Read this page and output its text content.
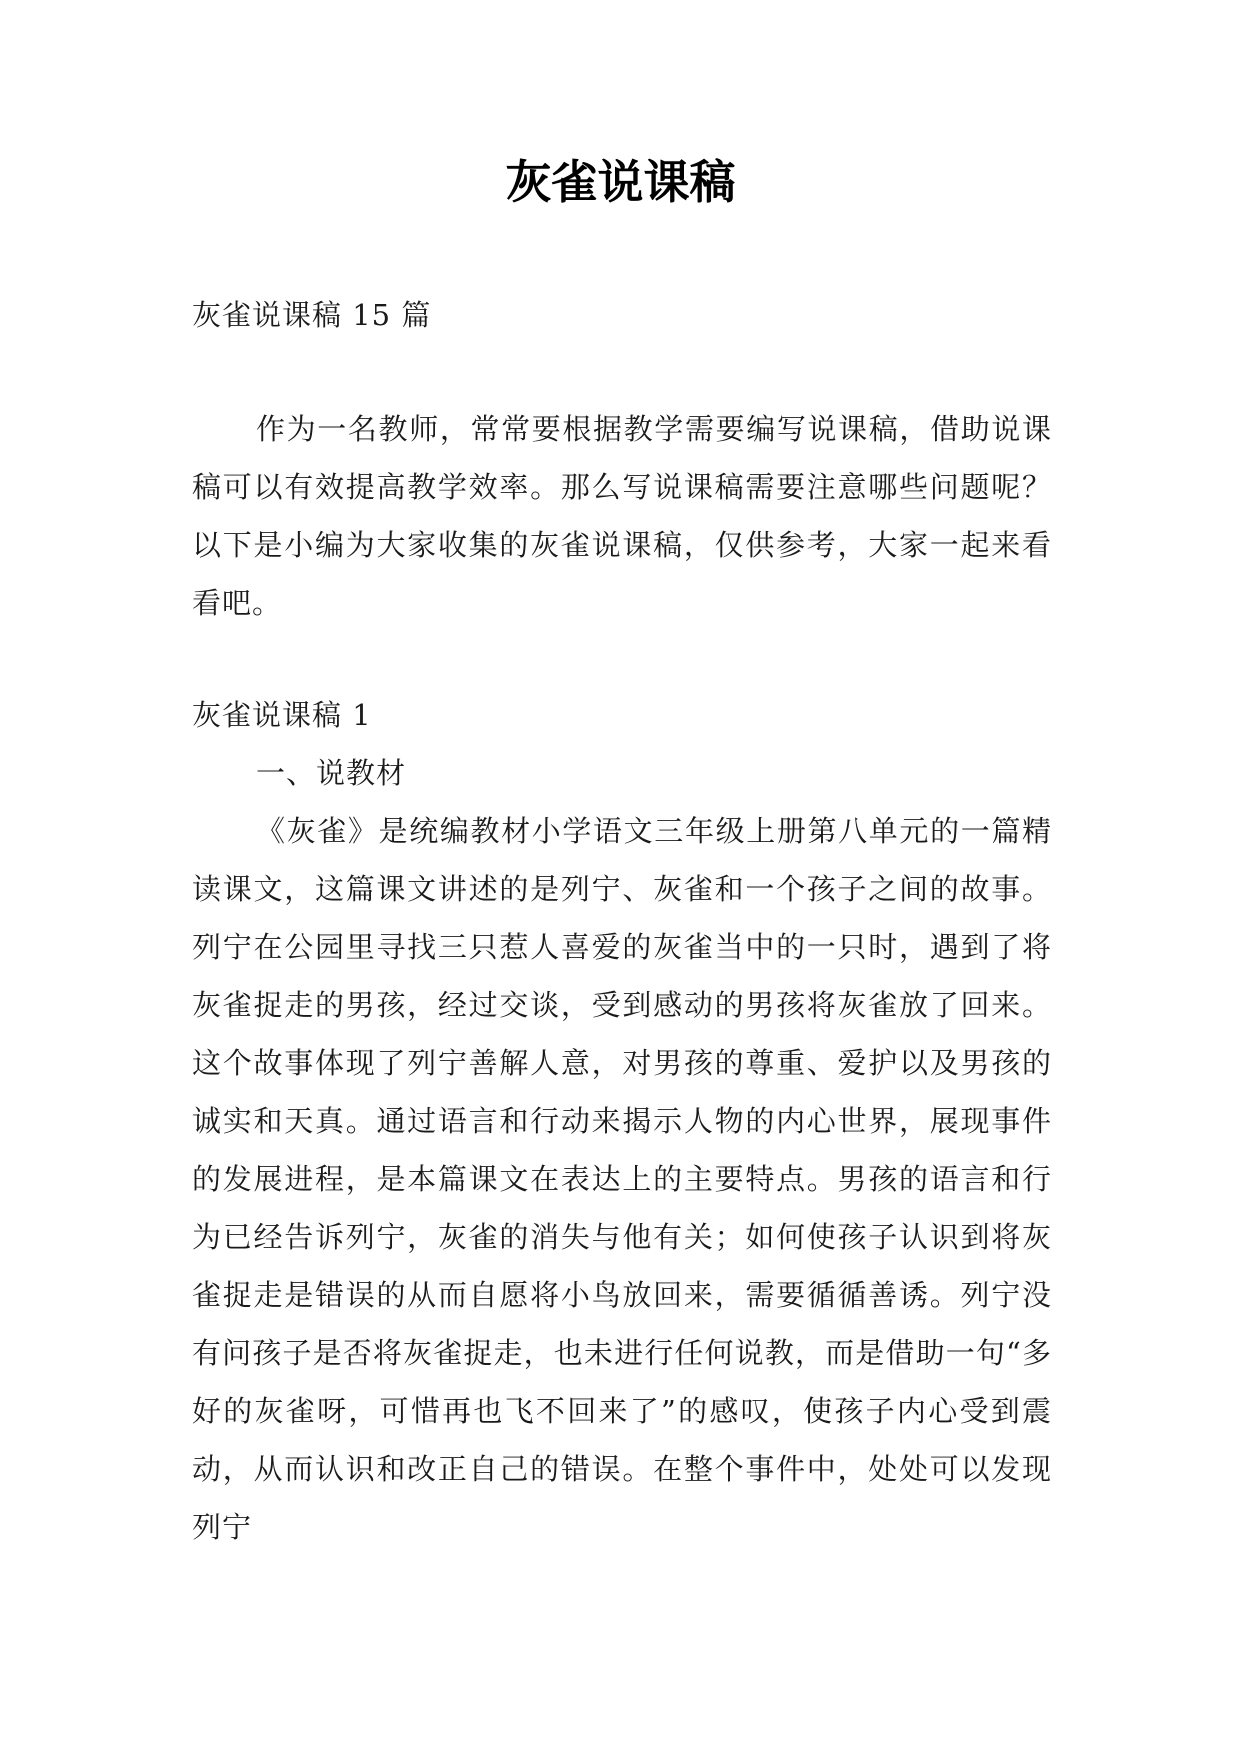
灰雀说课稿

灰雀说课稿 15 篇

作为一名教师，常常要根据教学需要编写说课稿，借助说课稿可以有效提高教学效率。那么写说课稿需要注意哪些问题呢？以下是小编为大家收集的灰雀说课稿，仅供参考，大家一起来看看吧。

灰雀说课稿 1

一、说教材

《灰雀》是统编教材小学语文三年级上册第八单元的一篇精读课文，这篇课文讲述的是列宁、灰雀和一个孩子之间的故事。列宁在公园里寻找三只惹人喜爱的灰雀当中的一只时，遇到了将灰雀捉走的男孩，经过交谈，受到感动的男孩将灰雀放了回来。这个故事体现了列宁善解人意，对男孩的尊重、爱护以及男孩的诚实和天真。通过语言和行动来揭示人物的内心世界，展现事件的发展进程，是本篇课文在表达上的主要特点。男孩的语言和行为已经告诉列宁，灰雀的消失与他有关；如何使孩子认识到将灰雀捉走是错误的从而自愿将小鸟放回来，需要循循善诱。列宁没有问孩子是否将灰雀捉走，也未进行任何说教，而是借助一句“多好的灰雀呀，可惜再也飞不回来了”的感叹，使孩子内心受到震动，从而认识和改正自己的错误。在整个事件中，处处可以发现列宁
